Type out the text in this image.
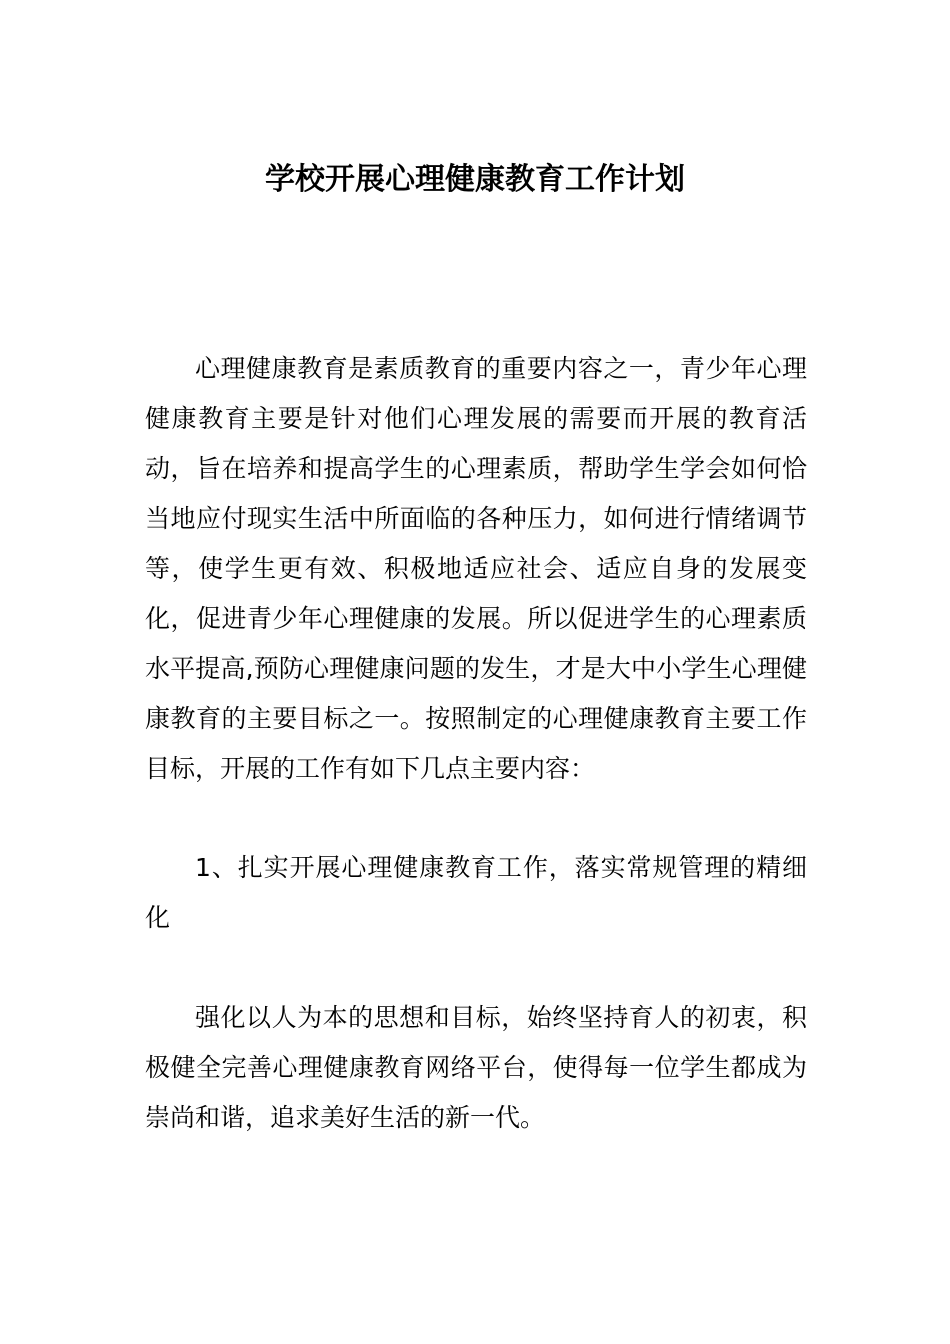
学校开展心理健康教育工作计划

心理健康教育是素质教育的重要内容之一，青少年心理健康教育主要是针对他们心理发展的需要而开展的教育活动，旨在培养和提高学生的心理素质，帮助学生学会如何恰当地应付现实生活中所面临的各种压力，如何进行情绪调节等，使学生更有效、积极地适应社会、适应自身的发展变化，促进青少年心理健康的发展。所以促进学生的心理素质水平提高,预防心理健康问题的发生，才是大中小学生心理健康教育的主要目标之一。按照制定的心理健康教育主要工作目标，开展的工作有如下几点主要内容：

1、扎实开展心理健康教育工作，落实常规管理的精细化

强化以人为本的思想和目标，始终坚持育人的初衷，积极健全完善心理健康教育网络平台，使得每一位学生都成为崇尚和谐，追求美好生活的新一代。
